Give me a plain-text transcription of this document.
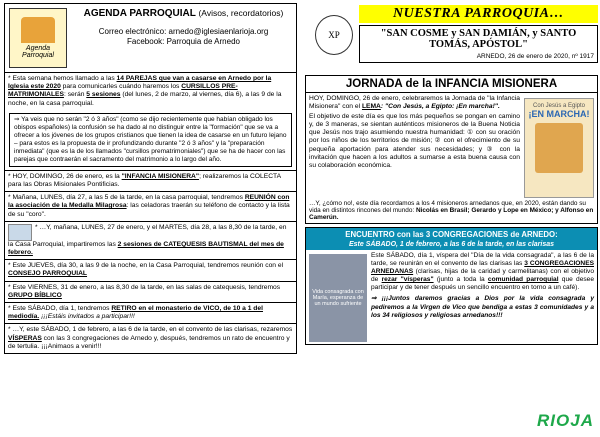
Agenda Parroquial
AGENDA PARROQUIAL (Avisos, recordatorios)
Correo electrónico: arnedo@iglesiaenlarioja.org
Facebook: Parroquia de Arnedo

* Esta semana hemos llamado a las 14 PAREJAS que van a casarse en Arnedo por la Iglesia este 2020 para comunicarles cuándo haremos los CURSILLOS PRE-MATRIMONIALES: serán 5 sesiones (del lunes, 2 de marzo, al viernes, día 6), a las 9 de la noche, en la casa parroquial.

⇒ Ya veis que no serán "2 ó 3 años" (como se dijo recientemente que habían obligado los obispos españoles) la confusión se ha dado al no distinguir entre la "formación" que se va a ofrecer a los jóvenes de los grupos cristianos que tienen la idea de casarse en un futuro lejano – para estos es la propuesta de ir profundizando durante "2 ó 3 años" y la "preparación inmediata" (que es la de los llamados "cursillos prematrimoniales") que se ha de hacer con las parejas que contraerán el sacramento del matrimonio a lo largo del año.

* HOY, DOMINGO, 26 de enero, es la "INFANCIA MISIONERA"; realizaremos la COLECTA para las Obras Misionales Pontificias.

* Mañana, LUNES, día 27, a las 5 de la tarde, en la casa parroquial, tendremos REUNIÓN con la asociación de la Medalla Milagrosa: las celadoras traerán su teléfono de contacto y la lista de su "coro".

* …Y, mañana, LUNES, 27 de enero, y el MARTES, día 28, a las 8,30 de la tarde, en la Casa Parroquial, impartiremos las 2 sesiones de CATEQUESIS BAUTISMAL del mes de febrero.

* Este JUEVES, día 30, a las 9 de la noche, en la Casa Parroquial, tendremos reunión con el CONSEJO PARROQUIAL

* Este VIERNES, 31 de enero, a las 8,30 de la tarde, en las salas de catequesis, tendremos GRUPO BÍBLICO

* Este SÁBADO, día 1, tendremos RETIRO en el monasterio de VICO, de 10 a 1 del mediodía. ¡¡¡Estáis invitados a participar!!!

* …Y, este SÁBADO, 1 de febrero, a las 6 de la tarde, en el convento de las clarisas, rezaremos VÍSPERAS con las 3 congregaciones de Arnedo y, después, tendremos un rato de encuentro y de tertulia. ¡¡¡Animaos a venir!!!

XP
NUESTRA PARROQUIA…
"SAN COSME y SAN DAMIÁN, y SANTO TOMÁS, APÓSTOL"
ARNEDO, 26 de enero de 2020, nº 1917
JORNADA de la INFANCIA MISIONERA
HOY, DOMINGO, 26 de enero, celebraremos la Jornada de "la Infancia Misionera" con el LEMA: "Con Jesús, a Egipto: ¡En marcha!".
El objetivo de este día es que los más pequeños se pongan en camino y, de 3 maneras, se sientan auténticos misioneros de la Buena Noticia que Jesús nos trajo asumiendo nuestra humanidad: ① con su oración por los niños de los territorios de misión; ② con el ofrecimiento de su pequeña aportación para atender sus necesidades; y ③ con la invitación que hacen a los adultos a sumarse a esta buena causa con su colaboración económica.
Con Jesús a Egipto
¡EN MARCHA!
…Y, ¿cómo no!, este día recordamos a los 4 misioneros arnedanos que, en 2020, están dando su vida en distintos rincones del mundo: Nicolás en Brasil; Gerardo y Lope en México; y Alfonso en Camerún.
ENCUENTRO con las 3 CONGREGACIONES de ARNEDO:
Este SÁBADO, 1 de febrero, a las 6 de la tarde, en las clarisas
Vida consagrada con María, esperanza de un mundo sufriente
Este SÁBADO, día 1, víspera del "Día de la vida consagrada", a las 6 de la tarde, se reunirán en el convento de las clarisas las 3 CONGREGACIONES ARNEDANAS (clarisas, hijas de la caridad y carmelitanas) con el objetivo de rezar "vísperas" (junto a toda la comunidad parroquial que desee participar y de tener después un sencillo encuentro en torno a un café).
⇒ ¡¡¡Juntos daremos gracias a Dios por la vida consagrada y pediremos a la Virgen de Vico que bendiga a estas 3 comunidades y a los 34 religiosos y religiosas arnedanos!!!
RIOJA
